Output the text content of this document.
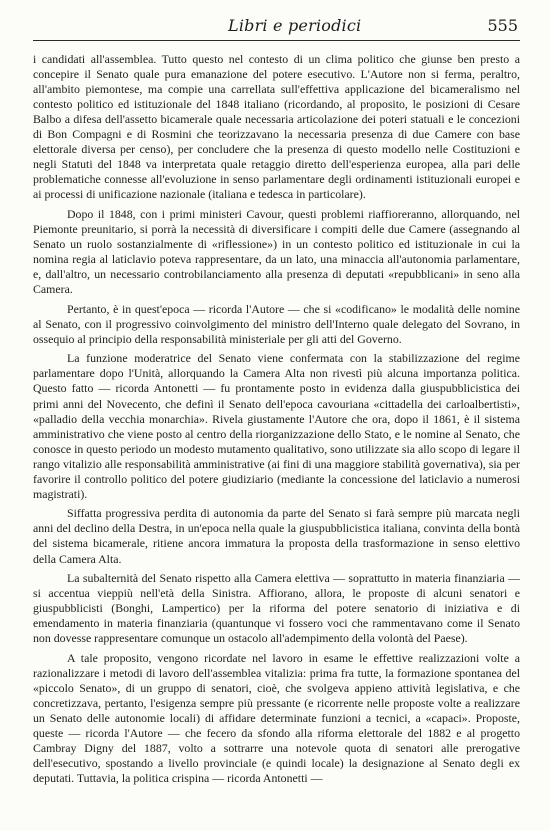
Libri e periodici	555

i candidati all'assemblea. Tutto questo nel contesto di un clima politico che giunse ben presto a concepire il Senato quale pura emanazione del potere esecutivo. L'Autore non si ferma, peraltro, all'ambito piemontese, ma compie una carrellata sull'effettiva applicazione del bicameralismo nel contesto politico ed istituzionale del 1848 italiano (ricordando, al proposito, le posizioni di Cesare Balbo a difesa dell'assetto bicamerale quale necessaria articolazione dei poteri statuali e le concezioni di Bon Compagni e di Rosmini che teorizzavano la necessaria presenza di due Camere con base elettorale diversa per censo), per concludere che la presenza di questo modello nelle Costituzioni e negli Statuti del 1848 va interpretata quale retaggio diretto dell'esperienza europea, alla pari delle problematiche connesse all'evoluzione in senso parlamentare degli ordinamenti istituzionali europei e ai processi di unificazione nazionale (italiana e tedesca in particolare).

Dopo il 1848, con i primi ministeri Cavour, questi problemi riaffioreranno, allorquando, nel Piemonte preunitario, si porrà la necessità di diversificare i compiti delle due Camere (assegnando al Senato un ruolo sostanzialmente di «riflessione») in un contesto politico ed istituzionale in cui la nomina regia al laticlavio poteva rappresentare, da un lato, una minaccia all'autonomia parlamentare, e, dall'altro, un necessario controbilanciamento alla presenza di deputati «repubblicani» in seno alla Camera.

Pertanto, è in quest'epoca — ricorda l'Autore — che si «codificano» le modalità delle nomine al Senato, con il progressivo coinvolgimento del ministro dell'Interno quale delegato del Sovrano, in ossequio al principio della responsabilità ministeriale per gli atti del Governo.

La funzione moderatrice del Senato viene confermata con la stabilizzazione del regime parlamentare dopo l'Unità, allorquando la Camera Alta non rivestì più alcuna importanza politica. Questo fatto — ricorda Antonetti — fu prontamente posto in evidenza dalla giuspubblicistica dei primi anni del Novecento, che definì il Senato dell'epoca cavouriana «cittadella dei carloalbertisti», «palladio della vecchia monarchia». Rivela giustamente l'Autore che ora, dopo il 1861, è il sistema amministrativo che viene posto al centro della riorganizzazione dello Stato, e le nomine al Senato, che conosce in questo periodo un modesto mutamento qualitativo, sono utilizzate sia allo scopo di legare il rango vitalizio alle responsabilità amministrative (ai fini di una maggiore stabilità governativa), sia per favorire il controllo politico del potere giudiziario (mediante la concessione del laticlavio a numerosi magistrati).

Siffatta progressiva perdita di autonomia da parte del Senato si farà sempre più marcata negli anni del declino della Destra, in un'epoca nella quale la giuspubblicistica italiana, convinta della bontà del sistema bicamerale, ritiene ancora immatura la proposta della trasformazione in senso elettivo della Camera Alta.

La subalternità del Senato rispetto alla Camera elettiva — soprattutto in materia finanziaria — si accentua vieppiù nell'età della Sinistra. Affiorano, allora, le proposte di alcuni senatori e giuspubblicisti (Bonghi, Lampertico) per la riforma del potere senatorio di iniziativa e di emendamento in materia finanziaria (quantunque vi fossero voci che rammentavano come il Senato non dovesse rappresentare comunque un ostacolo all'adempimento della volontà del Paese).

A tale proposito, vengono ricordate nel lavoro in esame le effettive realizzazioni volte a razionalizzare i metodi di lavoro dell'assemblea vitalizia: prima fra tutte, la formazione spontanea del «piccolo Senato», di un gruppo di senatori, cioè, che svolgeva appieno attività legislativa, e che concretizzava, pertanto, l'esigenza sempre più pressante (e ricorrente nelle proposte volte a realizzare un Senato delle autonomie locali) di affidare determinate funzioni a tecnici, a «capaci». Proposte, queste — ricorda l'Autore — che fecero da sfondo alla riforma elettorale del 1882 e al progetto Cambray Digny del 1887, volto a sottrarre una notevole quota di senatori alle prerogative dell'esecutivo, spostando a livello provinciale (e quindi locale) la designazione al Senato degli ex deputati. Tuttavia, la politica crispina — ricorda Antonetti —
